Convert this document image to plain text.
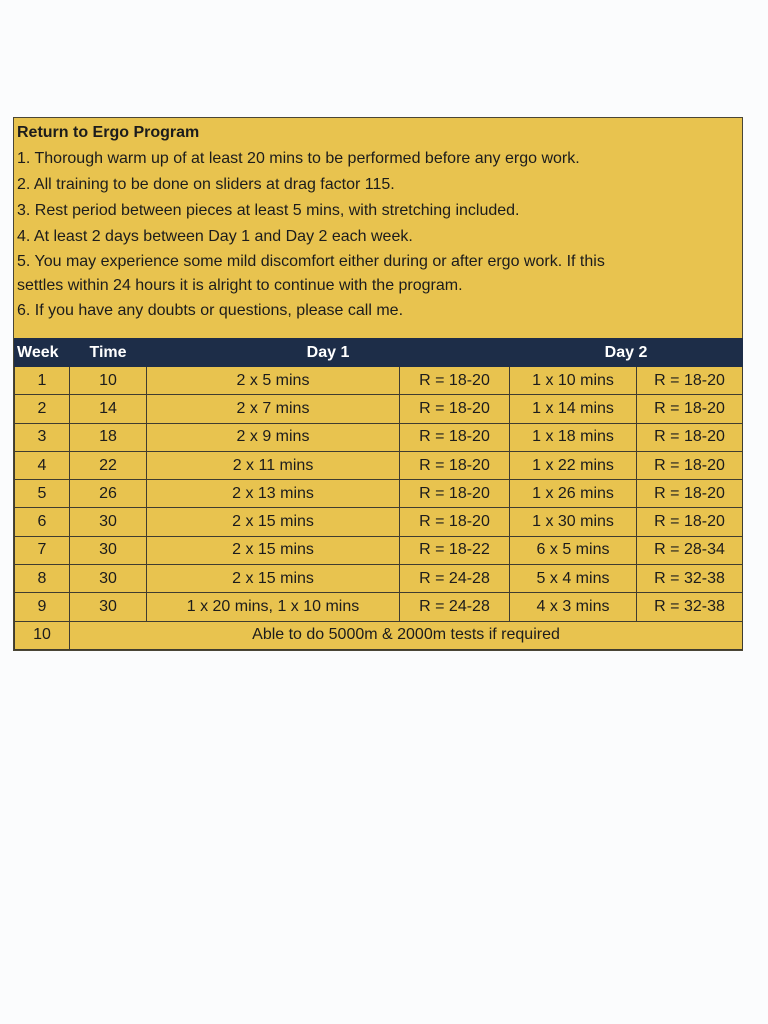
Return to Ergo Program
1. Thorough warm up of at least 20 mins to be performed before any ergo work.
2. All training to be done on sliders at drag factor 115.
3. Rest period between pieces at least 5 mins, with stretching included.
4. At least 2 days between Day 1 and Day 2 each week.
5. You may experience some mild discomfort either during or after ergo work. If this
settles within 24 hours it is alright to continue with the program.
6. If you have any doubts or questions, please call me.
Week	Time	Day 1		Day 2	
1	10	2 x 5 mins	R = 18-20	1 x 10 mins	R = 18-20
2	14	2 x 7 mins	R = 18-20	1 x 14 mins	R = 18-20
3	18	2 x 9 mins	R = 18-20	1 x 18 mins	R = 18-20
4	22	2 x 11 mins	R = 18-20	1 x 22 mins	R = 18-20
5	26	2 x 13 mins	R = 18-20	1 x 26 mins	R = 18-20
6	30	2 x 15 mins	R = 18-20	1 x 30 mins	R = 18-20
7	30	2 x 15 mins	R = 18-22	6 x 5 mins	R = 28-34
8	30	2 x 15 mins	R = 24-28	5 x 4 mins	R = 32-38
9	30	1 x 20 mins, 1 x 10 mins	R = 24-28	4 x 3 mins	R = 32-38
10	Able to do 5000m & 2000m tests if required				
